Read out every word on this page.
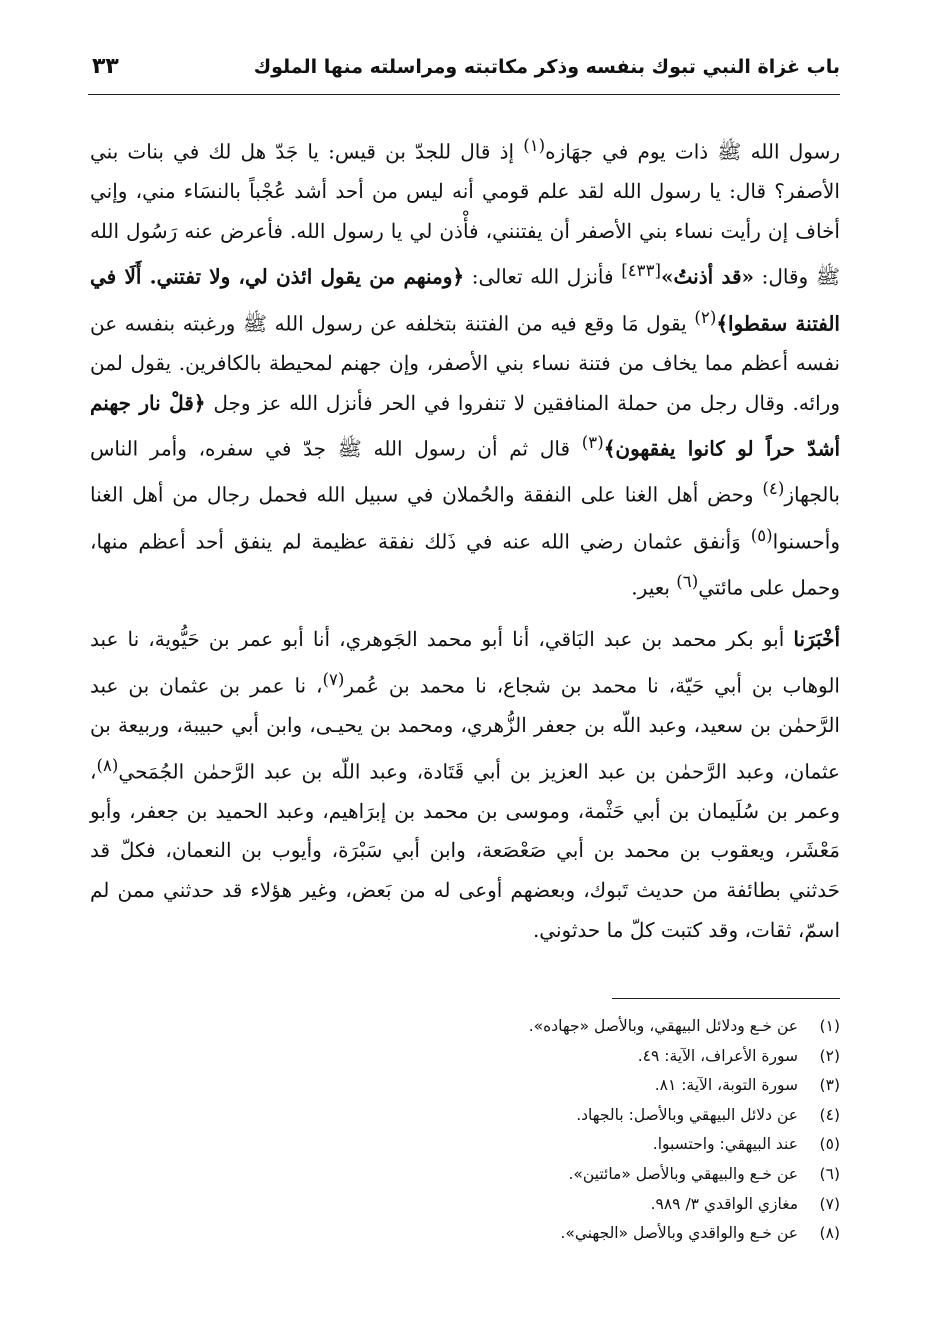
باب غزاة النبي تبوك بنفسه وذكر مكاتبته ومراسلته منها الملوك
٣٣

رسول الله ﷺ ذات يوم في جهَازه$^{(١)}$ إذ قال للجدّ بن قيس: يا جَدّ هل لك في بنات بني الأصفر؟ قال: يا رسول الله لقد علم قومي أنه ليس من أحد أشد عُجْباً بالنسَاء مني، وإني أخاف إن رأيت نساء بني الأصفر أن يفتنني، فأْذن لي يا رسول الله. فأعرض عنه رَسُول الله ﷺ وقال: «قد أذنتُ»[٤٣٣] فأنزل الله تعالى: ﴿ومنهم من يقول ائذن لي، ولا تفتني. أَلَا في الفتنة سقطوا﴾$^{(٢)}$ يقول مَا وقع فيه من الفتنة بتخلفه عن رسول الله ﷺ ورغبته بنفسه عن نفسه أعظم مما يخاف من فتنة نساء بني الأصفر، وإن جهنم لمحيطة بالكافرين. يقول لمن ورائه. وقال رجل من حملة المنافقين لا تنفروا في الحر فأنزل الله عز وجل ﴿قلْ نار جهنم أشدّ حراً لو كانوا يفقهون﴾$^{(٣)}$ قال ثم أن رسول الله ﷺ جدّ في سفره، وأمر الناس بالجهاز$^{(٤)}$ وحض أهل الغنا على النفقة والحُملان في سبيل الله فحمل رجال من أهل الغنا وأحسنوا$^{(٥)}$ وَأنفق عثمان رضي الله عنه في ذَلك نفقة عظيمة لم ينفق أحد أعظم منها، وحمل على مائتي$^{(٦)}$ بعير.

أخْبَرَنا أبو بكر محمد بن عبد البَاقي، أنا أبو محمد الجَوهري، أنا أبو عمر بن حَيُّوية، نا عبد الوهاب بن أبي حَيّة، نا محمد بن شجاع، نا محمد بن عُمر$^{(٧)}$، نا عمر بن عثمان بن عبد الرَّحمٰن بن سعيد، وعبد اللّه بن جعفر الزُّهري، ومحمد بن يحيـى، وابن أبي حبيبة، وربيعة بن عثمان، وعبد الرَّحمٰن بن عبد العزيز بن أبي قَتَادة، وعبد اللّه بن عبد الرَّحمٰن الجُمَحي$^{(٨)}$، وعمر بن سُلَيمان بن أبي حَثْمة، وموسى بن محمد بن إبرَاهيم، وعبد الحميد بن جعفر، وأبو مَعْشَر، ويعقوب بن محمد بن أبي صَعْصَعة، وابن أبي سَبْرَة، وأيوب بن النعمان، فكلّ قد حَدثني بطائفة من حديث تَبوك، وبعضهم أوعى له من بَعض، وغير هؤلاء قد حدثني ممن لم اسمّ، ثقات، وقد كتبت كلّ ما حدثوني.

(١)
عن خـع ودلائل البيهقي، وبالأصل «جهاده».
(٢)
سورة الأعراف، الآية: ٤٩.
(٣)
سورة التوبة، الآية: ٨١.
(٤)
عن دلائل البيهقي وبالأصل: بالجهاد.
(٥)
عند البيهقي: واحتسبوا.
(٦)
عن خـع والبيهقي وبالأصل «مائتين».
(٧)
مغازي الواقدي ٣/ ٩٨٩.
(٨)
عن خـع والواقدي وبالأصل «الجهني».
